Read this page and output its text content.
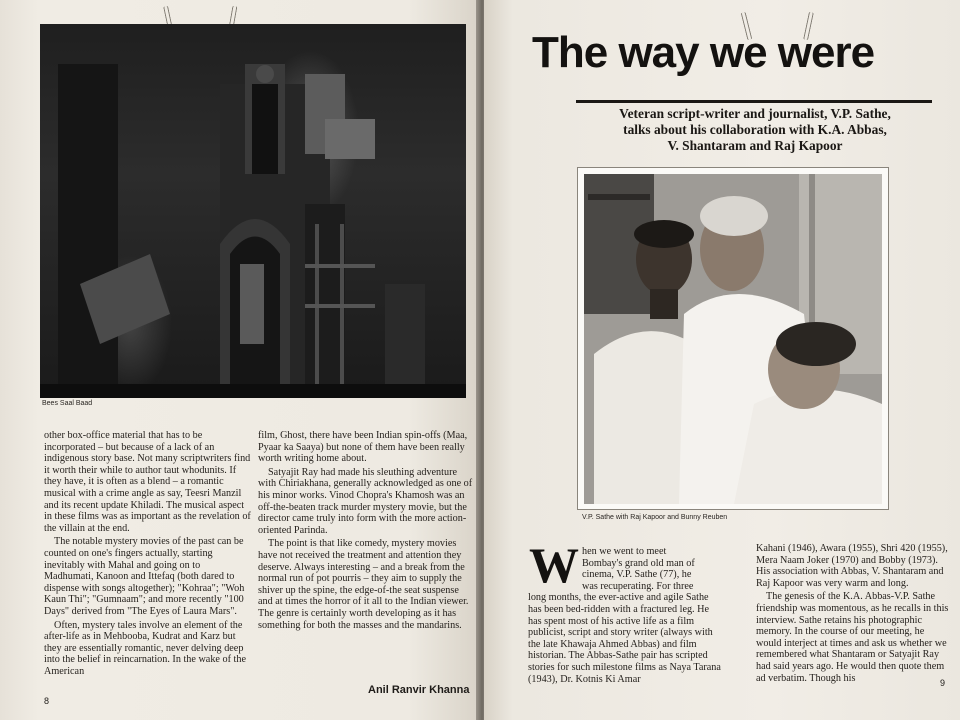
Bees Saal Baad

other box-office material that has to be incorporated – but because of a lack of an indigenous story base. Not many scriptwriters find it worth their while to author taut whodunits. If they have, it is often as a blend – a romantic musical with a crime angle as say, Teesri Manzil and its recent update Khiladi. The musical aspect in these films was as important as the revelation of the villain at the end.

The notable mystery movies of the past can be counted on one's fingers actually, starting inevitably with Mahal and going on to Madhumati, Kanoon and Ittefaq (both dared to dispense with songs altogether); "Kohraa"; "Woh Kaun Thi"; "Gumnaam"; and more recently "100 Days" derived from "The Eyes of Laura Mars".

Often, mystery tales involve an element of the after-life as in Mehbooba, Kudrat and Karz but they are essentially romantic, never delving deep into the belief in reincarnation. In the wake of the American

film, Ghost, there have been Indian spin-offs (Maa, Pyaar ka Saaya) but none of them have been really worth writing home about.

Satyajit Ray had made his sleuthing adventure with Chiriakhana, generally acknowledged as one of his minor works. Vinod Chopra's Khamosh was an off-the-beaten track murder mystery movie, but the director came truly into form with the more action-oriented Parinda.

The point is that like comedy, mystery movies have not received the treatment and attention they deserve. Always interesting – and a break from the normal run of pot pourris – they aim to supply the shiver up the spine, the edge-of-the seat suspense and at times the horror of it all to the Indian viewer. The genre is certainly worth developing as it has something for both the masses and the mandarins.

Anil Ranvir Khanna
8
The way we were
Veteran script-writer and journalist, V.P. Sathe,
talks about his collaboration with K.A. Abbas,
V. Shantaram and Raj Kapoor
V.P. Sathe with Raj Kapoor and Bunny Reuben
W hen we went to meet
Bombay's grand old man of
cinema, V.P. Sathe (77), he
was recuperating. For three
long months, the ever-active and agile Sathe has been bed-ridden with a fractured leg. He has spent most of his active life as a film publicist, script and story writer (always with the late Khawaja Ahmed Abbas) and film historian. The Abbas-Sathe pair has scripted stories for such milestone films as Naya Tarana (1943), Dr. Kotnis Ki Amar

Kahani (1946), Awara (1955), Shri 420 (1955), Mera Naam Joker (1970) and Bobby (1973). His association with Abbas, V. Shantaram and Raj Kapoor was very warm and long.

The genesis of the K.A. Abbas-V.P. Sathe friendship was momentous, as he recalls in this interview. Sathe retains his photographic memory. In the course of our meeting, he would interject at times and ask us whether we remembered what Shantaram or Satyajit Ray had said years ago. He would then quote them ad verbatim. Though his	9
